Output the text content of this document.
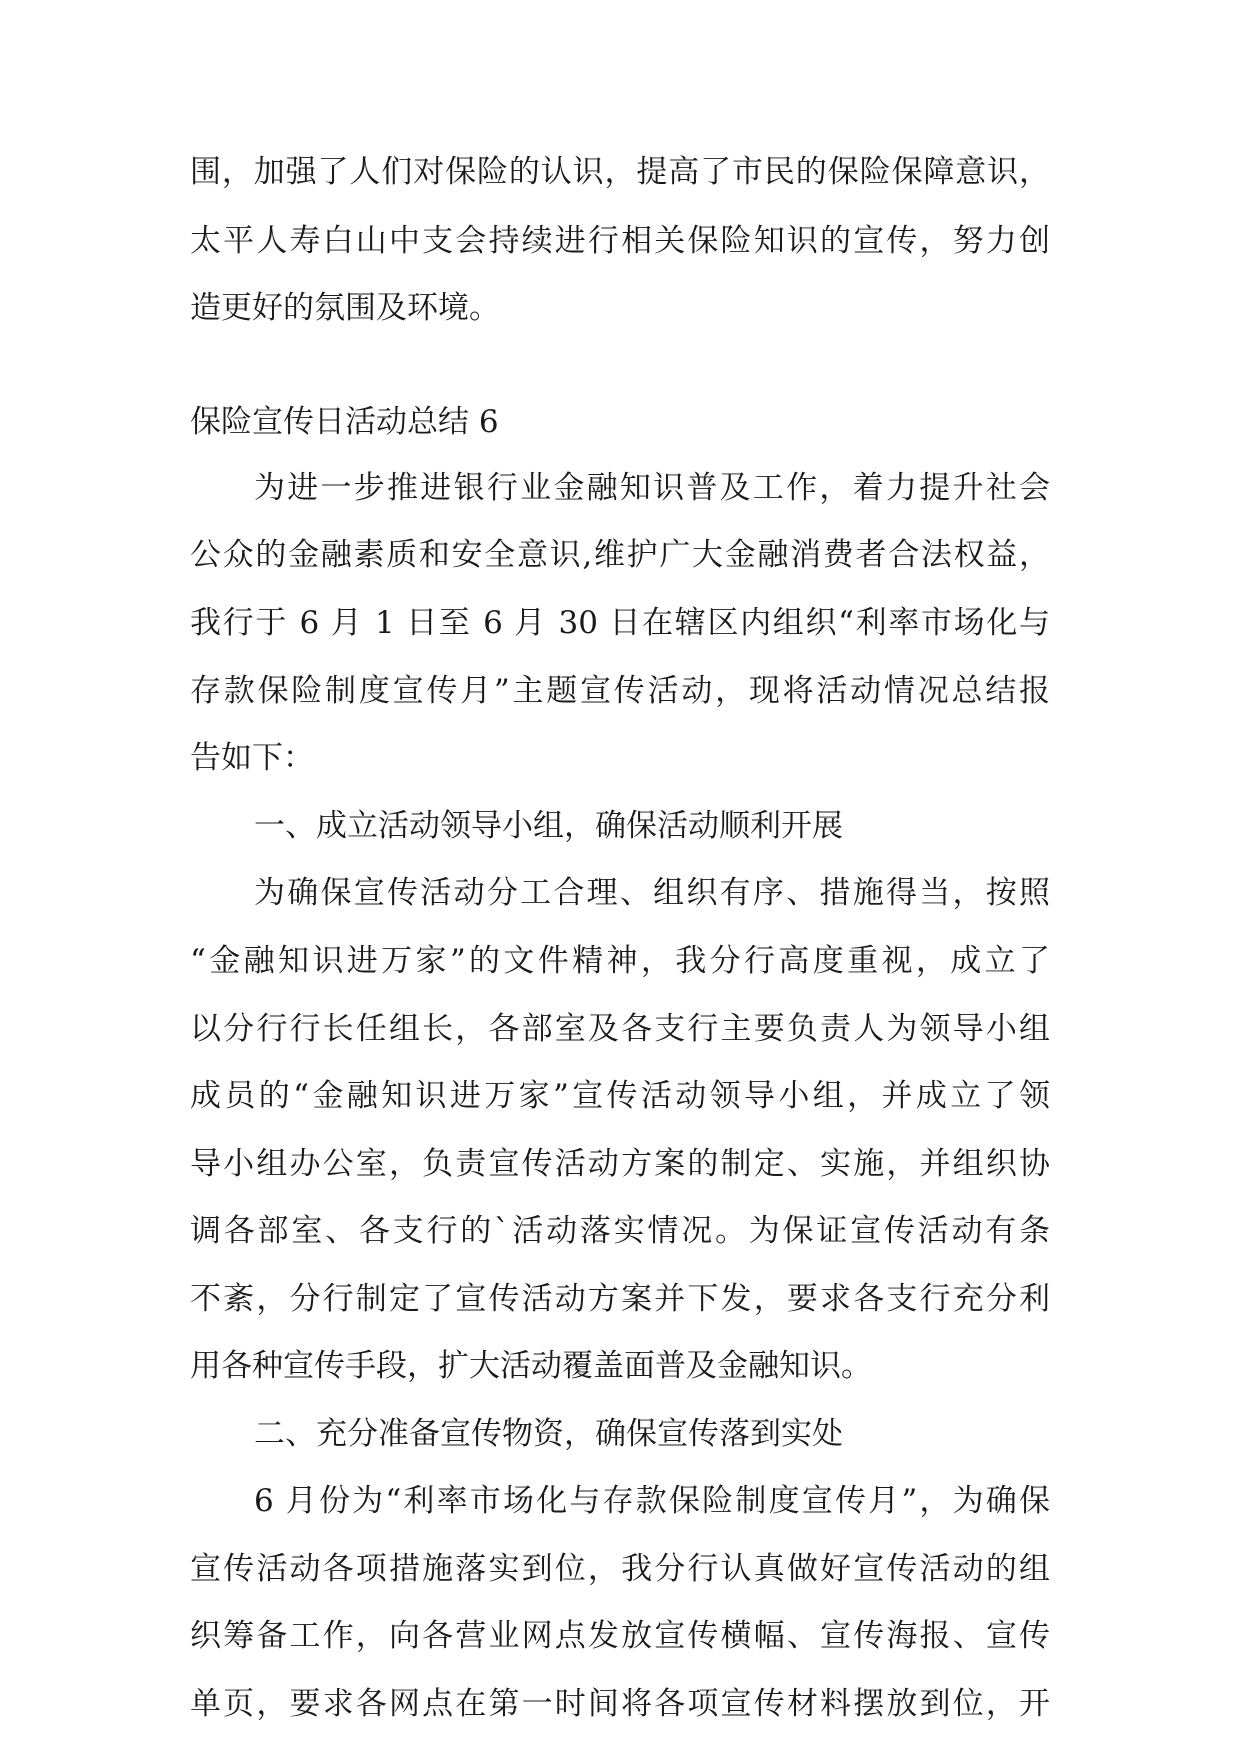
围，加强了人们对保险的认识，提高了市民的保险保障意识，
太平人寿白山中支会持续进行相关保险知识的宣传，努力创
造更好的氛围及环境。
保险宣传日活动总结 6
为进一步推进银行业金融知识普及工作，着力提升社会
公众的金融素质和安全意识,维护广大金融消费者合法权益，
我行于 6 月 1 日至 6 月 30 日在辖区内组织“利率市场化与
存款保险制度宣传月”主题宣传活动，现将活动情况总结报
告如下：
一、成立活动领导小组，确保活动顺利开展
为确保宣传活动分工合理、组织有序、措施得当，按照
“金融知识进万家”的文件精神，我分行高度重视，成立了
以分行行长任组长，各部室及各支行主要负责人为领导小组
成员的“金融知识进万家”宣传活动领导小组，并成立了领
导小组办公室，负责宣传活动方案的制定、实施，并组织协
调各部室、各支行的`活动落实情况。为保证宣传活动有条
不紊，分行制定了宣传活动方案并下发，要求各支行充分利
用各种宣传手段，扩大活动覆盖面普及金融知识。
二、充分准备宣传物资，确保宣传落到实处
6 月份为“利率市场化与存款保险制度宣传月”，为确保
宣传活动各项措施落实到位，我分行认真做好宣传活动的组
织筹备工作，向各营业网点发放宣传横幅、宣传海报、宣传
单页，要求各网点在第一时间将各项宣传材料摆放到位，开
